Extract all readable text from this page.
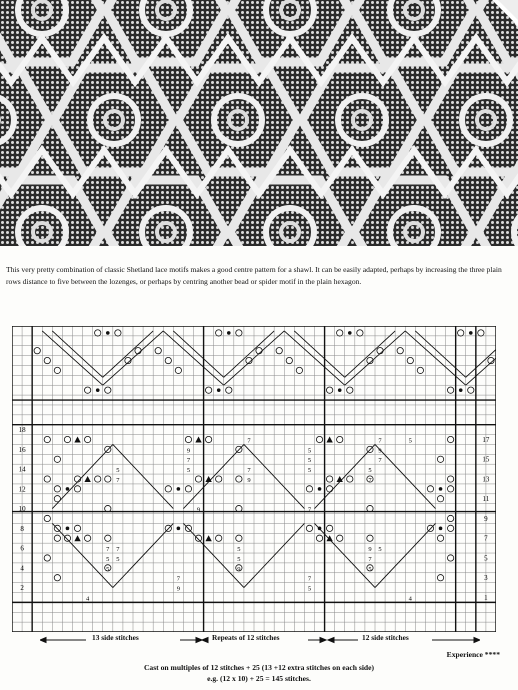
This very pretty combination of classic Shetland lace motifs makes a good centre pattern for a shawl. It can be easily adapted, perhaps by increasing the three plain rows distance to five between the lozenges, or perhaps by centring another bead or spider motif in the plain hexagon.
18
16
14
12
10
8
6
4
2
17
15
13
11
9
7
5
3
1
5
9
7
5
5
7
9
7
5
5
7
9
7
5
5
5
7
9
7
5
5
9
7
5
5
7
9
7
5
5
7
5
7
9
7
5
4	4
13 side stitches	Repeats of 12 stitches	12 side stitches
Experience ****
Cast on multiples of 12 stitches + 25 (13 +12 extra stitches on each side)
e.g. (12 x 10) + 25 = 145 stitches.
